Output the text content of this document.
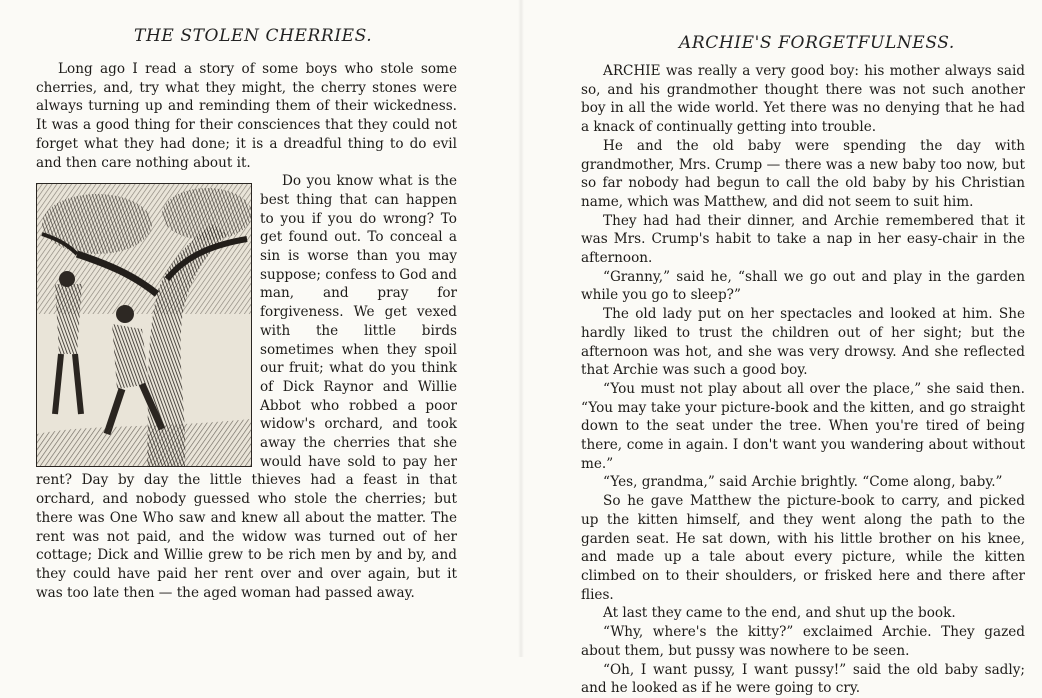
THE STOLEN CHERRIES.

Long ago I read a story of some boys who stole some cherries, and, try what they might, the cherry stones were always turning up and reminding them of their wickedness. It was a good thing for their consciences that they could not forget what they had done; it is a dreadful thing to do evil and then care nothing about it.

Do you know what is the best thing that can happen to you if you do wrong? To get found out. To conceal a sin is worse than you may suppose; confess to God and man, and pray for forgiveness. We get vexed with the little birds sometimes when they spoil our fruit; what do you think of Dick Raynor and Willie Abbot who robbed a poor widow's orchard, and took away the cherries that she would have sold to pay her rent? Day by day the little thieves had a feast in that orchard, and nobody guessed who stole the cherries; but there was One Who saw and knew all about the matter. The rent was not paid, and the widow was turned out of her cottage; Dick and Willie grew to be rich men by and by, and they could have paid her rent over and over again, but it was too late then — the aged woman had passed away.

ARCHIE'S FORGETFULNESS.

ARCHIE was really a very good boy: his mother always said so, and his grandmother thought there was not such another boy in all the wide world. Yet there was no denying that he had a knack of continually getting into trouble.

He and the old baby were spending the day with grandmother, Mrs. Crump — there was a new baby too now, but so far nobody had begun to call the old baby by his Christian name, which was Matthew, and did not seem to suit him.

They had had their dinner, and Archie remembered that it was Mrs. Crump's habit to take a nap in her easy-chair in the afternoon.

“Granny,” said he, “shall we go out and play in the garden while you go to sleep?”

The old lady put on her spectacles and looked at him. She hardly liked to trust the children out of her sight; but the afternoon was hot, and she was very drowsy. And she reflected that Archie was such a good boy.

“You must not play about all over the place,” she said then. “You may take your picture-book and the kitten, and go straight down to the seat under the tree. When you're tired of being there, come in again. I don't want you wandering about without me.”

“Yes, grandma,” said Archie brightly. “Come along, baby.”

So he gave Matthew the picture-book to carry, and picked up the kitten himself, and they went along the path to the garden seat. He sat down, with his little brother on his knee, and made up a tale about every picture, while the kitten climbed on to their shoulders, or frisked here and there after flies.

At last they came to the end, and shut up the book.

“Why, where's the kitty?” exclaimed Archie. They gazed about them, but pussy was nowhere to be seen.

“Oh, I want pussy, I want pussy!” said the old baby sadly; and he looked as if he were going to cry.
